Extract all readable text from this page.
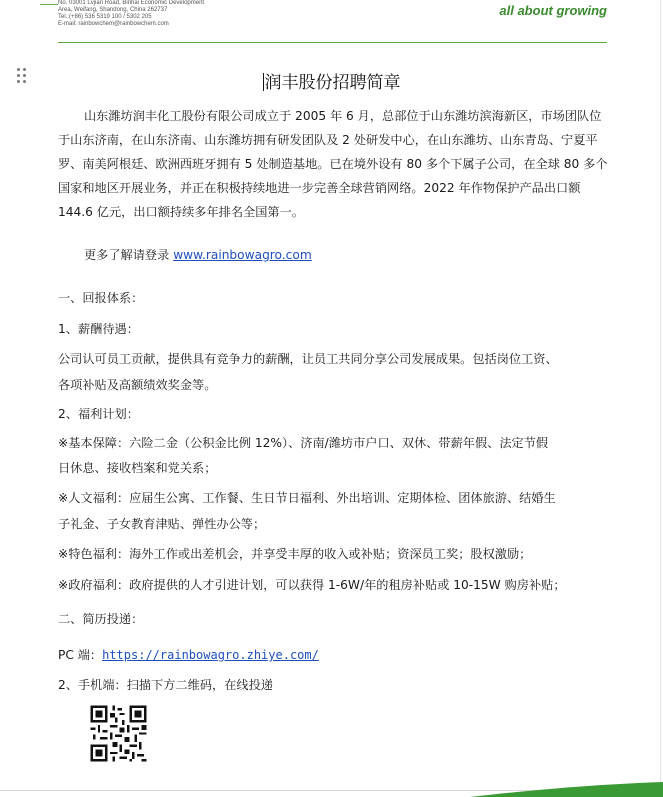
No. 03001 Lvjian Road, Binhai Economic Development
Area, Weifang, Shandong, China 262737
Tel.:(+86) 536 5319 100 / 5302 205
E-mail: rainbowchem@rainbowchem.com
all about growing
润丰股份招聘简章
山东潍坊润丰化工股份有限公司成立于 2005 年 6 月，总部位于山东潍坊滨海新区，市场团队位于山东济南，在山东济南、山东潍坊拥有研发团队及 2 处研发中心，在山东潍坊、山东青岛、宁夏平罗、南美阿根廷、欧洲西班牙拥有 5 处制造基地。已在境外设有 80 多个下属子公司，在全球 80 多个国家和地区开展业务，并正在积极持续地进一步完善全球营销网络。2022 年作物保护产品出口额 144.6 亿元，出口额持续多年排名全国第一。
更多了解请登录 www.rainbowagro.com
一、回报体系：
1、薪酬待遇：
公司认可员工贡献，提供具有竞争力的薪酬，让员工共同分享公司发展成果。包括岗位工资、
各项补贴及高额绩效奖金等。
2、福利计划：
※基本保障：六险二金（公积金比例 12%）、济南/潍坊市户口、双休、带薪年假、法定节假
日休息、接收档案和党关系；
※人文福利：应届生公寓、工作餐、生日节日福利、外出培训、定期体检、团体旅游、结婚生
子礼金、子女教育津贴、弹性办公等；
※特色福利：海外工作或出差机会，并享受丰厚的收入或补贴；资深员工奖；股权激励；
※政府福利：政府提供的人才引进计划，可以获得 1-6W/年的租房补贴或 10-15W 购房补贴；
二、简历投递：
PC 端：https://rainbowagro.zhiye.com/
2、手机端：扫描下方二维码，在线投递
